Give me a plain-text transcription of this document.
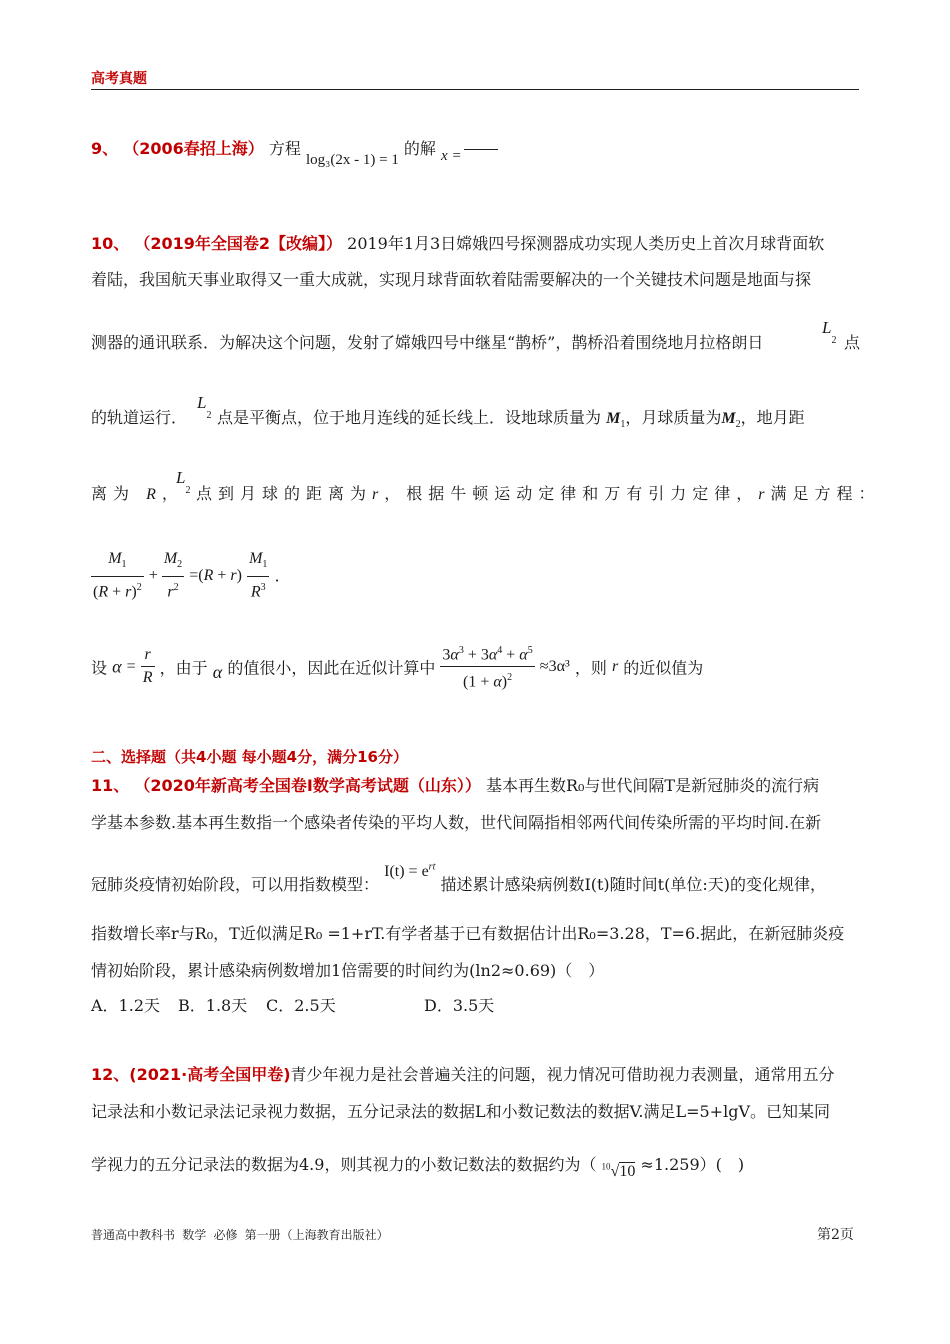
高考真题
9、 （2006春招上海） 方程 log₃(2x - 1) = 1 的解 x =
10、 （2019年全国卷2【改编】） 2019年1月3日嫦娥四号探测器成功实现人类历史上首次月球背面软
着陆，我国航天事业取得又一重大成就，实现月球背面软着陆需要解决的一个关键技术问题是地面与探
测器的通讯联系．为解决这个问题，发射了嫦娥四号中继星“鹊桥”，鹊桥沿着围绕地月拉格朗日
$L_2$ 点
的轨道运行．
$L_2$ 点是平衡点，位于地月连线的延长线上．设地球质量为 $M_1$，月球质量为$M_2$，地月距
离为 R，
$L_2$ 点到月球的距离为r，根据牛顿运动定律和万有引力定律，r满足方程：
$\frac{M_1}{(R + r)^2} + \frac{M_2}{r^2} =(R + r) \frac{M_1}{R^3}$ .
设 $\alpha = \frac{r}{R}$ ，由于 α 的值很小，因此在近似计算中 $\frac{3\alpha^3 + 3\alpha^4 + \alpha^5}{(1 + \alpha)^2} \approx 3\alpha^3$ ，则 r 的近似值为
二、选择题（共4小题 每小题4分，满分16分）
11、 （2020年新高考全国卷Ⅰ数学高考试题（山东）） 基本再生数R₀与世代间隔T是新冠肺炎的流行病
学基本参数.基本再生数指一个感染者传染的平均人数，世代间隔指相邻两代间传染所需的平均时间.在新
冠肺炎疫情初始阶段，可以用指数模型： $I(t) = e^{rt}$ 描述累计感染病例数I(t)随时间t(单位:天)的变化规律，
指数增长率r与R₀，T近似满足R₀ =1+rT.有学者基于已有数据估计出R₀=3.28，T=6.据此，在新冠肺炎疫
情初始阶段，累计感染病例数增加1倍需要的时间约为(ln2≈0.69)（　）
A．1.2天 B．1.8天 C．2.5天	D．3.5天
12、(2021·高考全国甲卷)青少年视力是社会普遍关注的问题，视力情况可借助视力表测量，通常用五分
记录法和小数记录法记录视力数据，五分记录法的数据L和小数记数法的数据V.满足L=5+lgV。已知某同
学视力的五分记录法的数据为4.9，则其视力的小数记数法的数据约为（ $^{10}$√10 ≈1.259）(　)
普通高中教科书 数学 必修 第一册（上海教育出版社）	第2页
